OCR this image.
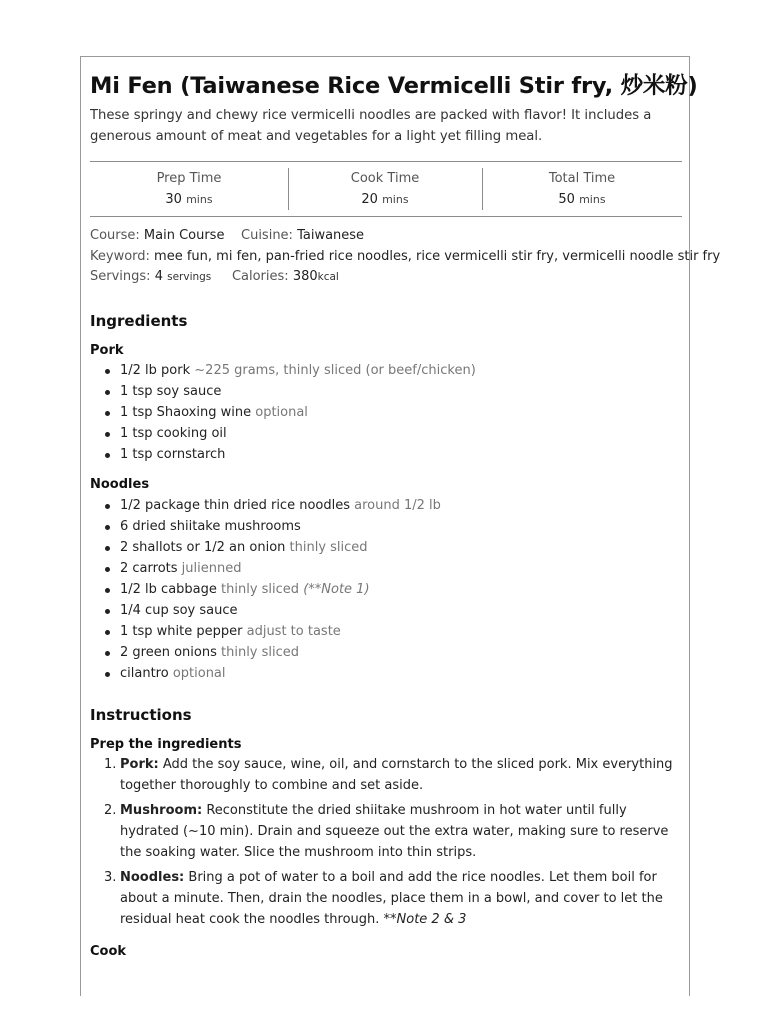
Mi Fen (Taiwanese Rice Vermicelli Stir fry, 炒米粉)
These springy and chewy rice vermicelli noodles are packed with flavor! It includes a generous amount of meat and vegetables for a light yet filling meal.
Prep Time
30 mins
Cook Time
20 mins
Total Time
50 mins
Course: Main Course Cuisine: Taiwanese
Keyword: mee fun, mi fen, pan-fried rice noodles, rice vermicelli stir fry, vermicelli noodle stir fry
Servings: 4 servings Calories: 380kcal
Ingredients
Pork
1/2 lb pork ~225 grams, thinly sliced (or beef/chicken)
1 tsp soy sauce
1 tsp Shaoxing wine optional
1 tsp cooking oil
1 tsp cornstarch
Noodles
1/2 package thin dried rice noodles around 1/2 lb
6 dried shiitake mushrooms
2 shallots or 1/2 an onion thinly sliced
2 carrots julienned
1/2 lb cabbage thinly sliced (**Note 1)
1/4 cup soy sauce
1 tsp white pepper adjust to taste
2 green onions thinly sliced
cilantro optional
Instructions
Prep the ingredients
1. Pork: Add the soy sauce, wine, oil, and cornstarch to the sliced pork. Mix everything together thoroughly to combine and set aside.
2. Mushroom: Reconstitute the dried shiitake mushroom in hot water until fully hydrated (~10 min). Drain and squeeze out the extra water, making sure to reserve the soaking water. Slice the mushroom into thin strips.
3. Noodles: Bring a pot of water to a boil and add the rice noodles. Let them boil for about a minute. Then, drain the noodles, place them in a bowl, and cover to let the residual heat cook the noodles through. **Note 2 & 3
Cook
